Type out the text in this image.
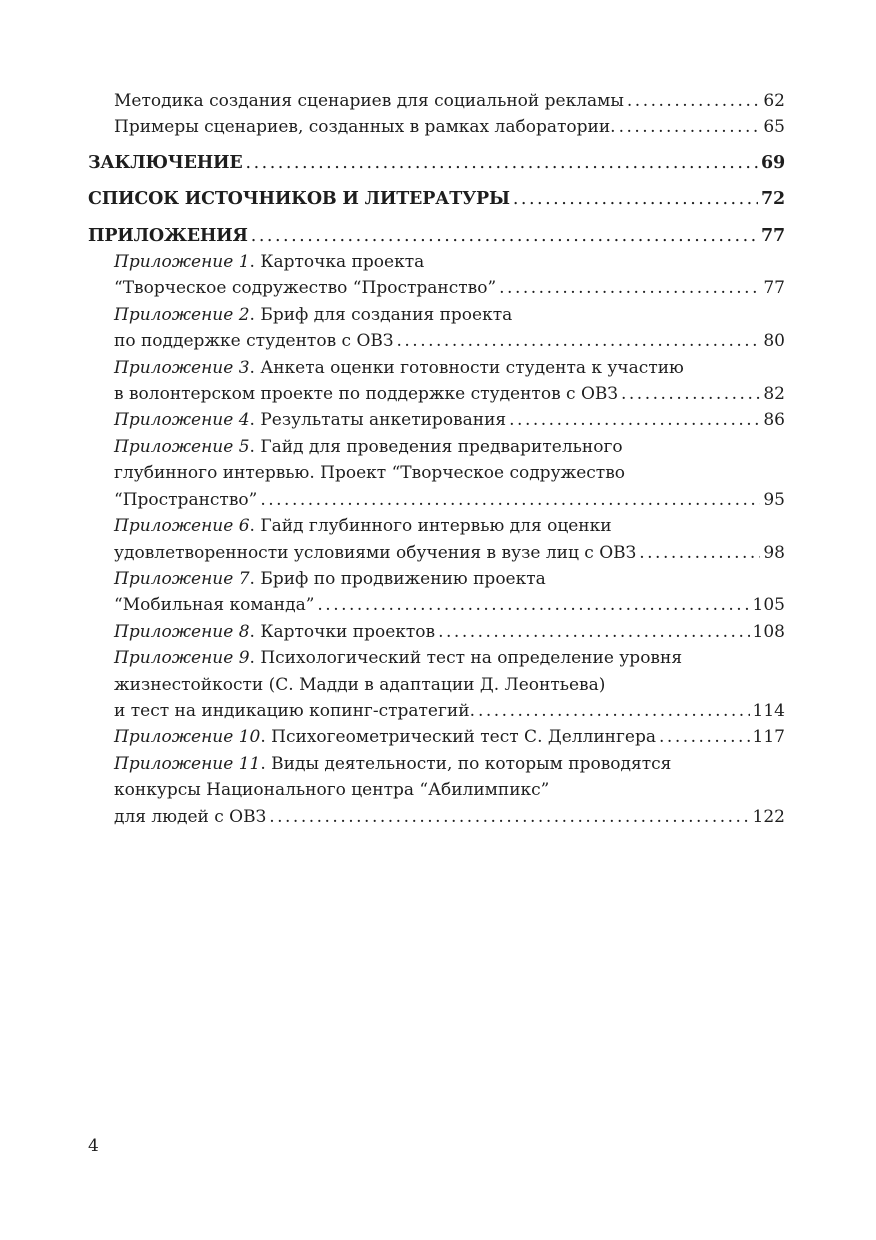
Методика создания сценариев для социальной рекламы .....	62
Примеры сценариев, созданных в рамках лаборатории. .....	65
ЗАКЛЮЧЕНИЕ .....	69
СПИСОК ИСТОЧНИКОВ И ЛИТЕРАТУРЫ .....	72
ПРИЛОЖЕНИЯ .....	77
Приложение 1 . Карточка проекта
“Творческое содружество “Пространство” .....	77
Приложение 2 . Бриф для создания проекта
по поддержке студентов с ОВЗ .....	80
Приложение 3 . Анкета оценки готовности студента к участию
в волонтерском проекте по поддержке студентов с ОВЗ .....	82
Приложение 4 . Результаты анкетирования .....	86
Приложение 5 . Гайд для проведения предварительного
глубинного интервью. Проект “Творческое содружество
“Пространство” .....	95
Приложение 6 . Гайд глубинного интервью для оценки
удовлетворенности условиями обучения в вузе лиц с ОВЗ .....	98
Приложение 7 . Бриф по продвижению проекта
“Мобильная команда” .....	105
Приложение 8 . Карточки проектов .....	108
Приложение 9 . Психологический тест на определение уровня
жизнестойкости (С. Мадди в адаптации Д. Леонтьева)
и тест на индикацию копинг-стратегий. .....	114
Приложение 10 . Психогеометрический тест С. Деллингера .....	117
Приложение 11 . Виды деятельности, по которым проводятся
конкурсы Национального центра “Абилимпикс”
для людей с ОВЗ .....	122
4
